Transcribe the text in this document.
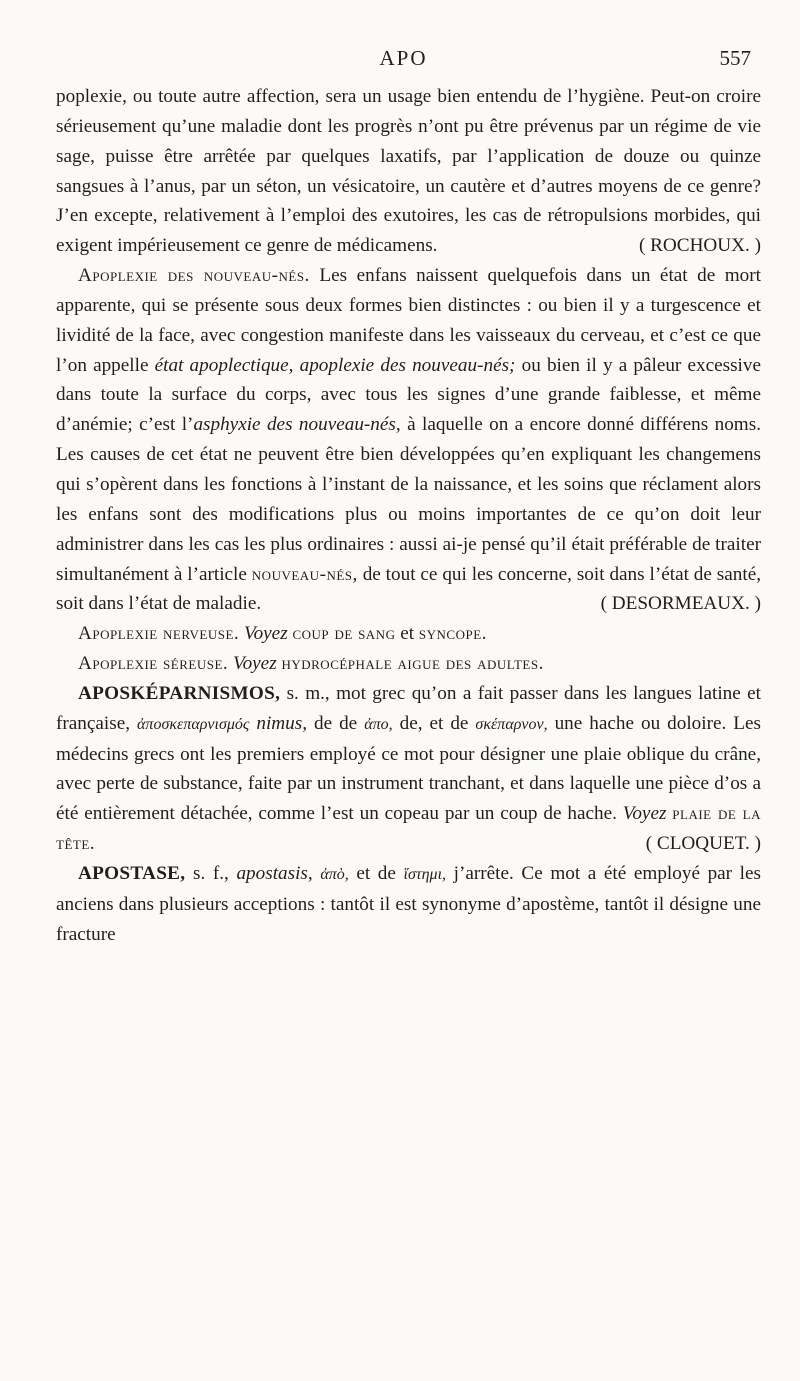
APO	557

poplexie, ou toute autre affection, sera un usage bien entendu de l’hygiène. Peut-on croire sérieusement qu’une maladie dont les progrès n’ont pu être prévenus par un régime de vie sage, puisse être arrêtée par quelques laxatifs, par l’application de douze ou quinze sangsues à l’anus, par un séton, un vésicatoire, un cautère et d’autres moyens de ce genre? J’en excepte, relativement à l’emploi des exutoires, les cas de rétropulsions morbides, qui exigent impérieusement ce genre de médicamens.	( ROCHOUX. )

Apoplexie des nouveau-nés. Les enfans naissent quelquefois dans un état de mort apparente, qui se présente sous deux formes bien distinctes : ou bien il y a turgescence et lividité de la face, avec congestion manifeste dans les vaisseaux du cerveau, et c’est ce que l’on appelle état apoplectique, apoplexie des nouveau-nés; ou bien il y a pâleur excessive dans toute la surface du corps, avec tous les signes d’une grande faiblesse, et même d’anémie; c’est l’asphyxie des nouveau-nés, à laquelle on a encore donné différens noms. Les causes de cet état ne peuvent être bien développées qu’en expliquant les changemens qui s’opèrent dans les fonctions à l’instant de la naissance, et les soins que réclament alors les enfans sont des modifications plus ou moins importantes de ce qu’on doit leur administrer dans les cas les plus ordinaires : aussi ai-je pensé qu’il était préférable de traiter simultanément à l’article nouveau-nés, de tout ce qui les concerne, soit dans l’état de santé, soit dans l’état de maladie.	( DESORMEAUX. )

Apoplexie nerveuse. Voyez coup de sang et syncope.

Apoplexie séreuse. Voyez hydrocéphale aigue des adultes.

APOSKÉPARNISMOS, s. m., mot grec qu’on a fait passer dans les langues latine et française, ἀποσκεπαρνισμός nimus, de de ἀπο, de, et de σκέπαρνον, une hache ou doloire. Les médecins grecs ont les premiers employé ce mot pour désigner une plaie oblique du crâne, avec perte de substance, faite par un instrument tranchant, et dans laquelle une pièce d’os a été entièrement détachée, comme l’est un copeau par un coup de hache. Voyez plaie de la tête.	( CLOQUET. )

APOSTASE, s. f., apostasis, ἀπὸ, et de ἵστημι, j’arrête. Ce mot a été employé par les anciens dans plusieurs acceptions : tantôt il est synonyme d’apostème, tantôt il désigne une fracture
